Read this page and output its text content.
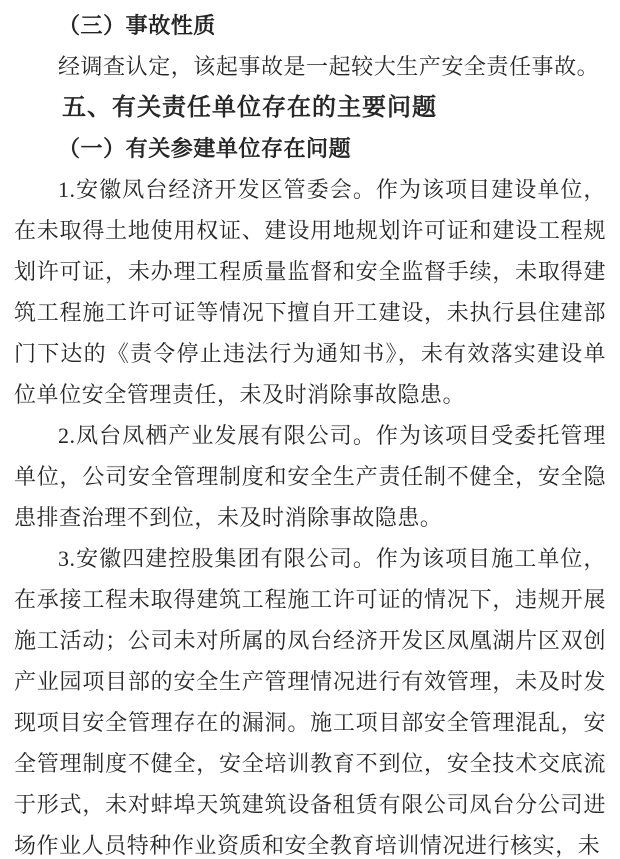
（三）事故性质

经调查认定，该起事故是一起较大生产安全责任事故。

五、有关责任单位存在的主要问题

（一）有关参建单位存在问题

1.安徽凤台经济开发区管委会。作为该项目建设单位，在未取得土地使用权证、建设用地规划许可证和建设工程规划许可证，未办理工程质量监督和安全监督手续，未取得建筑工程施工许可证等情况下擅自开工建设，未执行县住建部门下达的《责令停止违法行为通知书》，未有效落实建设单位单位安全管理责任，未及时消除事故隐患。

2.凤台凤栖产业发展有限公司。作为该项目受委托管理单位，公司安全管理制度和安全生产责任制不健全，安全隐患排查治理不到位，未及时消除事故隐患。

3.安徽四建控股集团有限公司。作为该项目施工单位，在承接工程未取得建筑工程施工许可证的情况下，违规开展施工活动；公司未对所属的凤台经济开发区凤凰湖片区双创产业园项目部的安全生产管理情况进行有效管理，未及时发现项目安全管理存在的漏洞。施工项目部安全管理混乱，安全管理制度不健全，安全培训教育不到位，安全技术交底流于形式，未对蚌埠天筑建筑设备租赁有限公司凤台分公司进场作业人员特种作业资质和安全教育培训情况进行核实，未
